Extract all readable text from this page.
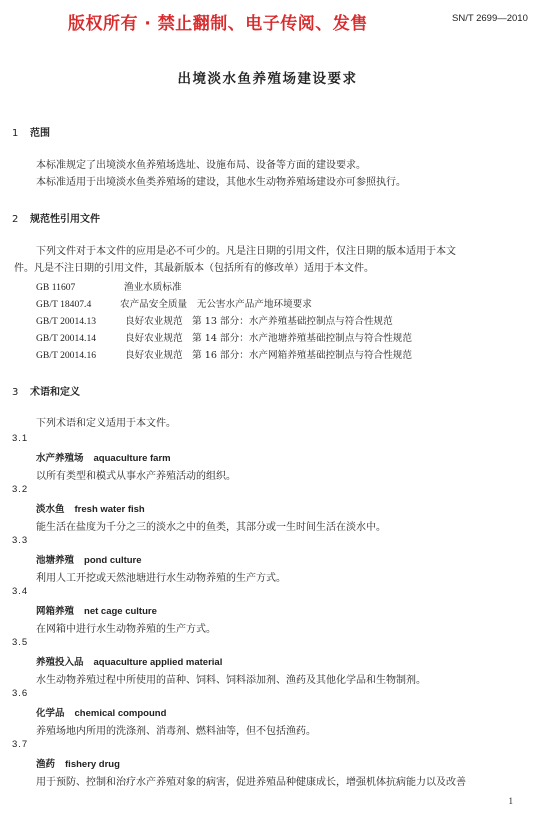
版权所有 · 禁止翻制、电子传阅、发售	SN/T 2699—2010
出境淡水鱼养殖场建设要求
1 范围
本标准规定了出境淡水鱼养殖场选址、设施布局、设备等方面的建设要求。
本标准适用于出境淡水鱼类养殖场的建设，其他水生动物养殖场建设亦可参照执行。
2 规范性引用文件
下列文件对于本文件的应用是必不可少的。凡是注日期的引用文件，仅注日期的版本适用于本文
件。凡是不注日期的引用文件，其最新版本（包括所有的修改单）适用于本文件。
GB 11607	渔业水质标准
GB/T 18407.4	农产品安全质量　无公害水产品产地环境要求
GB/T 20014.13	良好农业规范　第 13 部分：水产养殖基础控制点与符合性规范
GB/T 20014.14	良好农业规范　第 14 部分：水产池塘养殖基础控制点与符合性规范
GB/T 20014.16	良好农业规范　第 16 部分：水产网箱养殖基础控制点与符合性规范
3 术语和定义
下列术语和定义适用于本文件。
3.1
水产养殖场 aquaculture farm
以所有类型和模式从事水产养殖活动的组织。
3.2
淡水鱼 fresh water fish
能生活在盐度为千分之三的淡水之中的鱼类，其部分或一生时间生活在淡水中。
3.3
池塘养殖 pond culture
利用人工开挖或天然池塘进行水生动物养殖的生产方式。
3.4
网箱养殖 net cage culture
在网箱中进行水生动物养殖的生产方式。
3.5
养殖投入品 aquaculture applied material
水生动物养殖过程中所使用的苗种、饲料、饲料添加剂、渔药及其他化学品和生物制剂。
3.6
化学品 chemical compound
养殖场地内所用的洗涤剂、消毒剂、燃料油等，但不包括渔药。
3.7
渔药 fishery drug
用于预防、控制和治疗水产养殖对象的病害，促进养殖品种健康成长，增强机体抗病能力以及改善
1
